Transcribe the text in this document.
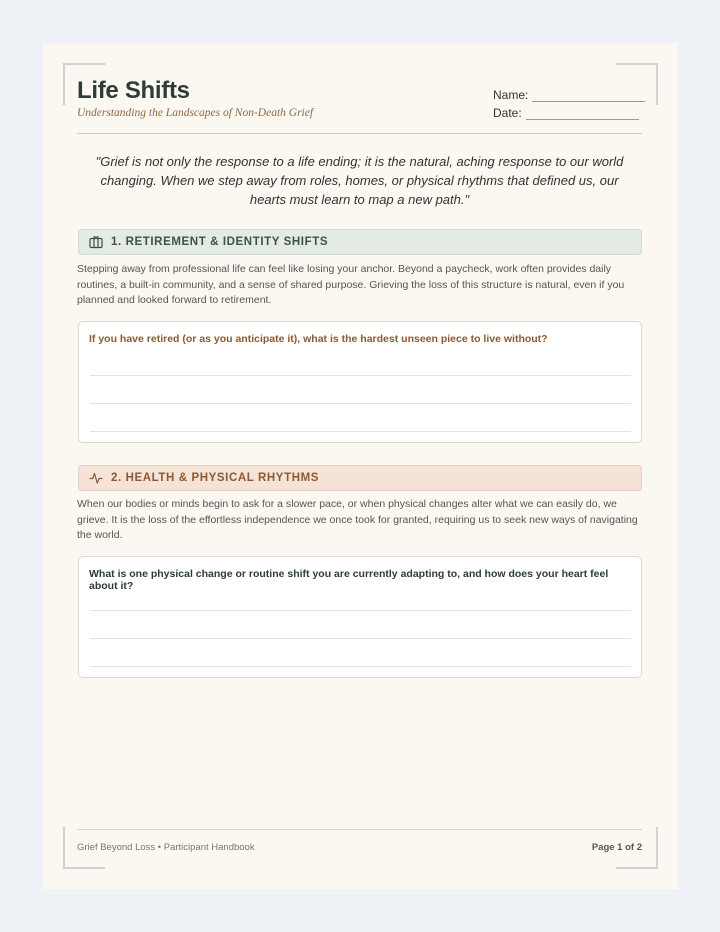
Life Shifts
Understanding the Landscapes of Non-Death Grief
Name:
Date:
"Grief is not only the response to a life ending; it is the natural, aching response to our world changing. When we step away from roles, homes, or physical rhythms that defined us, our hearts must learn to map a new path."
1. RETIREMENT & IDENTITY SHIFTS
Stepping away from professional life can feel like losing your anchor. Beyond a paycheck, work often provides daily routines, a built-in community, and a sense of shared purpose. Grieving the loss of this structure is natural, even if you planned and looked forward to retirement.
If you have retired (or as you anticipate it), what is the hardest unseen piece to live without?
2. HEALTH & PHYSICAL RHYTHMS
When our bodies or minds begin to ask for a slower pace, or when physical changes alter what we can easily do, we grieve. It is the loss of the effortless independence we once took for granted, requiring us to seek new ways of navigating the world.
What is one physical change or routine shift you are currently adapting to, and how does your heart feel about it?
Grief Beyond Loss • Participant Handbook	Page 1 of 2
